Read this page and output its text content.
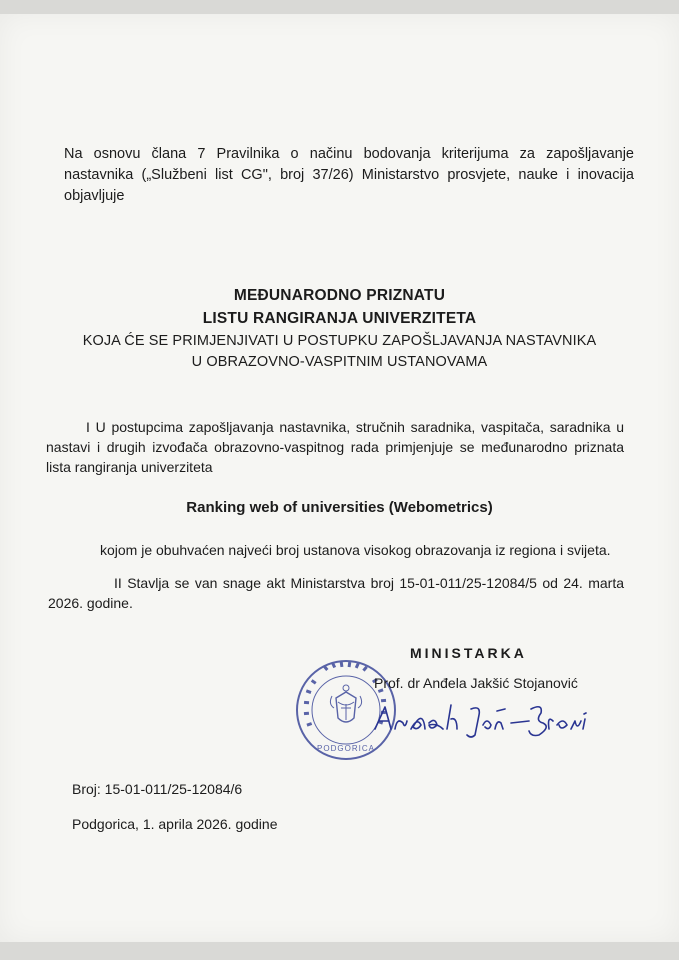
Na osnovu člana 7 Pravilnika o načinu bodovanja kriterijuma za zapošljavanje nastavnika („Službeni list CG", broj 37/26) Ministarstvo prosvjete, nauke i inovacija objavljuje
MEĐUNARODNO PRIZNATU
LISTU RANGIRANJA UNIVERZITETA
KOJA ĆE SE PRIMJENJIVATI U POSTUPKU ZAPOŠLJAVANJA NASTAVNIKA
U OBRAZOVNO-VASPITNIM USTANOVAMA
I U postupcima zapošljavanja nastavnika, stručnih saradnika, vaspitača, saradnika u nastavi i drugih izvođača obrazovno-vaspitnog rada primjenjuje se međunarodno priznata lista rangiranja univerziteta
Ranking web of universities (Webometrics)
kojom je obuhvaćen najveći broj ustanova visokog obrazovanja iz regiona i svijeta.
II Stavlja se van snage akt Ministarstva broj 15-01-011/25-12084/5 od 24. marta 2026. godine.
MINISTARKA
PODGORICA
Prof. dr Anđela Jakšić Stojanović
Broj: 15-01-011/25-12084/6
Podgorica, 1. aprila 2026. godine
